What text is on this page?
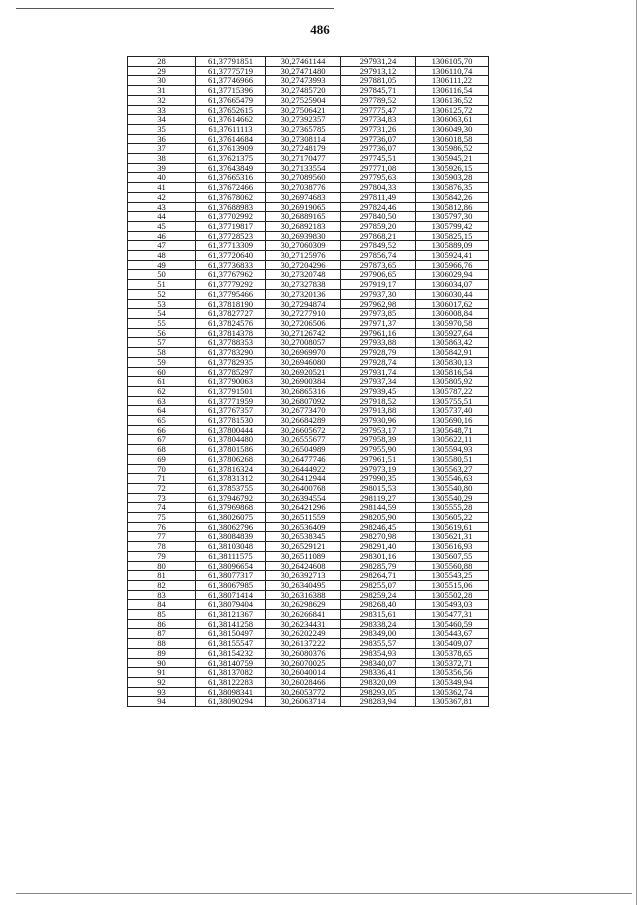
486
28	61,37791851	30,27461144	297931,24	1306105,70
29	61,37775719	30,27471480	297913,12	1306110,74
30	61,37746966	30,27473993	297881,05	1306111,22
31	61,37715396	30,27485720	297845,71	1306116,54
32	61,37665479	30,27525904	297789,52	1306136,52
33	61,37652615	30,27506421	297775,47	1306125,72
34	61,37614662	30,27392357	297734,83	1306063,61
35	61,37611113	30,27365785	297731,26	1306049,30
36	61,37614684	30,27308114	297736,07	1306018,58
37	61,37613909	30,27248179	297736,07	1305986,52
38	61,37621375	30,27170477	297745,51	1305945,21
39	61,37643849	30,27133554	297771,08	1305926,15
40	61,37665316	30,27089560	297795,63	1305903,28
41	61,37672466	30,27038776	297804,33	1305876,35
42	61,37678062	30,26974683	297811,49	1305842,26
43	61,37688983	30,26919065	297824,46	1305812,86
44	61,37702992	30,26889165	297840,50	1305797,30
45	61,37719817	30,26892183	297859,20	1305799,42
46	61,37728523	30,26939830	297868,21	1305825,15
47	61,37713309	30,27060309	297849,52	1305889,09
48	61,37720640	30,27125976	297856,74	1305924,41
49	61,37736833	30,27204296	297873,65	1305966,76
50	61,37767962	30,27320748	297906,65	1306029,94
51	61,37779292	30,27327838	297919,17	1306034,07
52	61,37795466	30,27320136	297937,30	1306030,44
53	61,37818190	30,27294874	297962,98	1306017,62
54	61,37827727	30,27277910	297973,85	1306008,84
55	61,37824576	30,27206506	297971,37	1305970,58
56	61,37814378	30,27126742	297961,16	1305927,64
57	61,37788353	30,27008057	297933,88	1305863,42
58	61,37783290	30,26969970	297928,79	1305842,91
59	61,37782935	30,26946080	297928,74	1305830,13
60	61,37785297	30,26920521	297931,74	1305816,54
61	61,37790063	30,26900384	297937,34	1305805,92
62	61,37791501	30,26865316	297939,45	1305787,22
63	61,37771959	30,26807092	297918,52	1305755,51
64	61,37767357	30,26773470	297913,88	1305737,40
65	61,37781530	30,26684289	297930,96	1305690,16
66	61,37800444	30,26605672	297953,17	1305648,71
67	61,37804480	30,26555677	297958,39	1305622,11
68	61,37801586	30,26504989	297955,90	1305594,93
69	61,37806268	30,26477746	297961,51	1305580,51
70	61,37816324	30,26444922	297973,19	1305563,27
71	61,37831312	30,26412944	297990,35	1305546,63
72	61,37853755	30,26400768	298015,53	1305540,80
73	61,37946792	30,26394554	298119,27	1305540,29
74	61,37969868	30,26421296	298144,59	1305555,28
75	61,38026075	30,26511559	298205,90	1305605,22
76	61,38062796	30,26536409	298246,45	1305619,61
77	61,38084839	30,26538345	298270,98	1305621,31
78	61,38103048	30,26529121	298291,40	1305616,93
79	61,38111575	30,26511089	298301,16	1305607,55
80	61,38096654	30,26424608	298285,79	1305560,88
81	61,38077317	30,26392713	298264,71	1305543,25
82	61,38067985	30,26340495	298255,07	1305515,06
83	61,38071414	30,26316388	298259,24	1305502,28
84	61,38079404	30,26298629	298268,40	1305493,03
85	61,38121367	30,26266841	298315,61	1305477,31
86	61,38141258	30,26234431	298338,24	1305460,59
87	61,38150497	30,26202249	298349,00	1305443,67
88	61,38155547	30,26137222	298355,57	1305409,07
89	61,38154232	30,26080376	298354,93	1305378,65
90	61,38140759	30,26070025	298340,07	1305372,71
91	61,38137082	30,26040014	298336,41	1305356,56
92	61,38122283	30,26028466	298320,09	1305349,94
93	61,38098341	30,26053772	298293,05	1305362,74
94	61,38090294	30,26063714	298283,94	1305367,81
